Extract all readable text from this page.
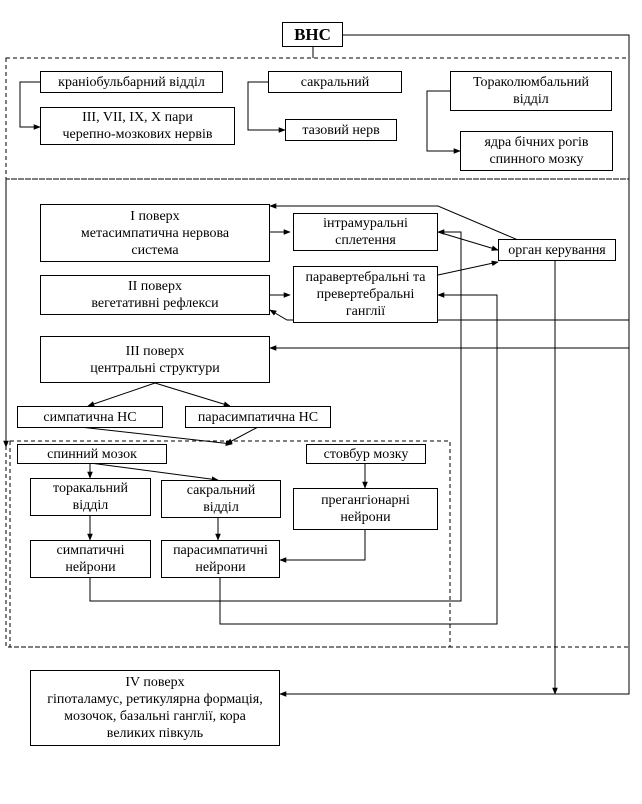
ВНС
краніобульбарний відділ
III, VII, IX, X пари
черепно-мозкових нервів
сакральний
тазовий нерв
Тораколюмбальний
відділ
ядра бічних рогів
спинного мозку
I поверх
метасимпатична нервова
система
інтрамуральні
сплетення
орган керування
II поверх
вегетативні рефлекси
паравертебральні та
превертебральні
ганглії
III поверх
центральні структури
симпатична НС	парасимпатична НС
спинний мозок	стовбур мозку
торакальний
відділ
сакральний
відділ	прегангіонарні
нейрони
симпатичні
нейрони
парасимпатичні
нейрони
IV поверх
гіпоталамус, ретикулярна формація,
мозочок, базальні ганглії, кора
великих півкуль
